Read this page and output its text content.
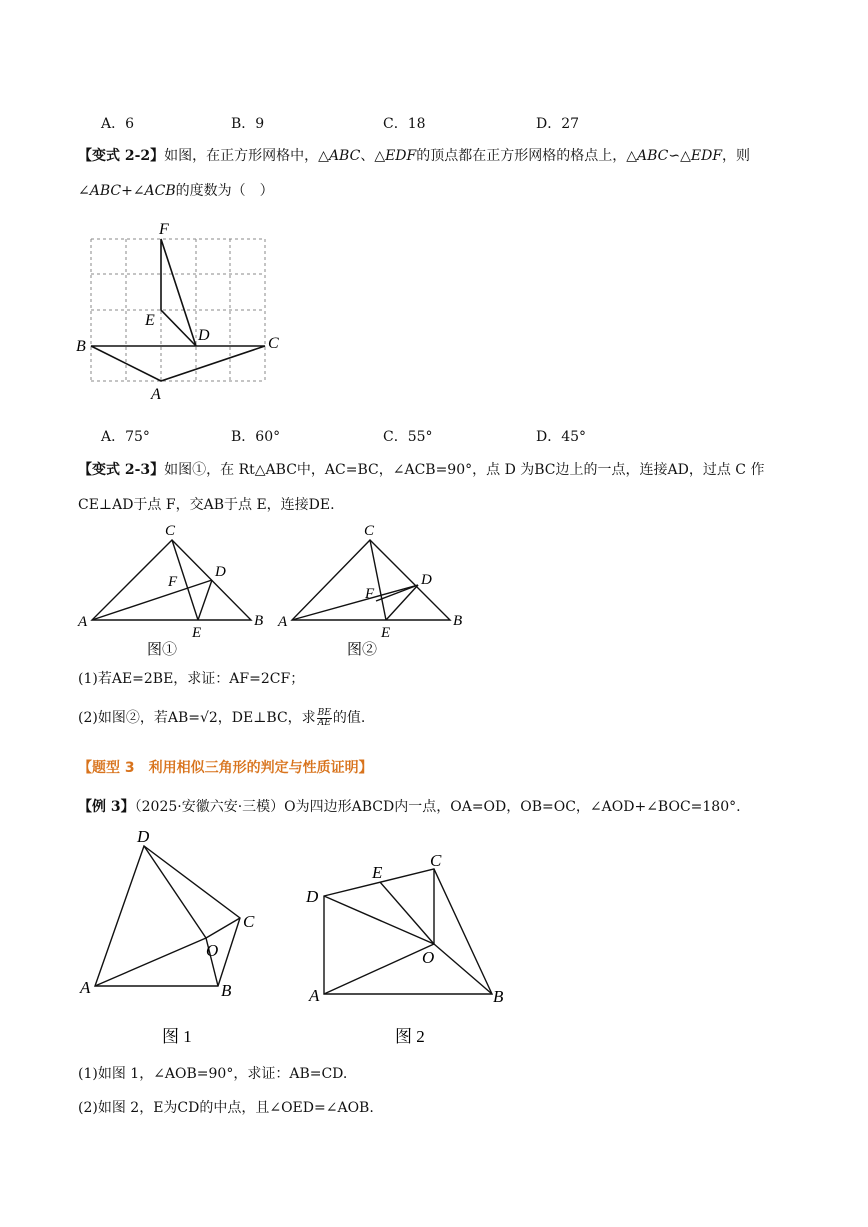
A．6	B．9	C．18	D．27
【变式 2-2】如图，在正方形网格中，△ABC、△EDF的顶点都在正方形网格的格点上，△ABC∽△EDF，则
∠ABC+∠ACB的度数为（　）
F
E
D
B	C
A
A．75°	B．60°	C．55°	D．45°
【变式 2-3】如图①，在 Rt△ABC中，AC=BC，∠ACB=90°，点 D 为BC边上的一点，连接AD，过点 C 作
CE⊥AD于点 F，交AB于点 E，连接DE.
C
F
D
A
E
B
图①
C
F
D
A
E
B
图②
(1)若AE=2BE，求证：AF=2CF；
(2)如图②，若AB=√2，DE⊥BC，求 $\frac{BE}{AE}$ 的值.
【题型 3　利用相似三角形的判定与性质证明】
【例 3】（2025·安徽六安·三模）O为四边形ABCD内一点，OA=OD，OB=OC，∠AOD+∠BOC=180°.
D
C
O
A	B
图 1
E
C
D
O
A	B
图 2
(1)如图 1，∠AOB=90°，求证：AB=CD.
(2)如图 2，E为CD的中点，且∠OED=∠AOB.
